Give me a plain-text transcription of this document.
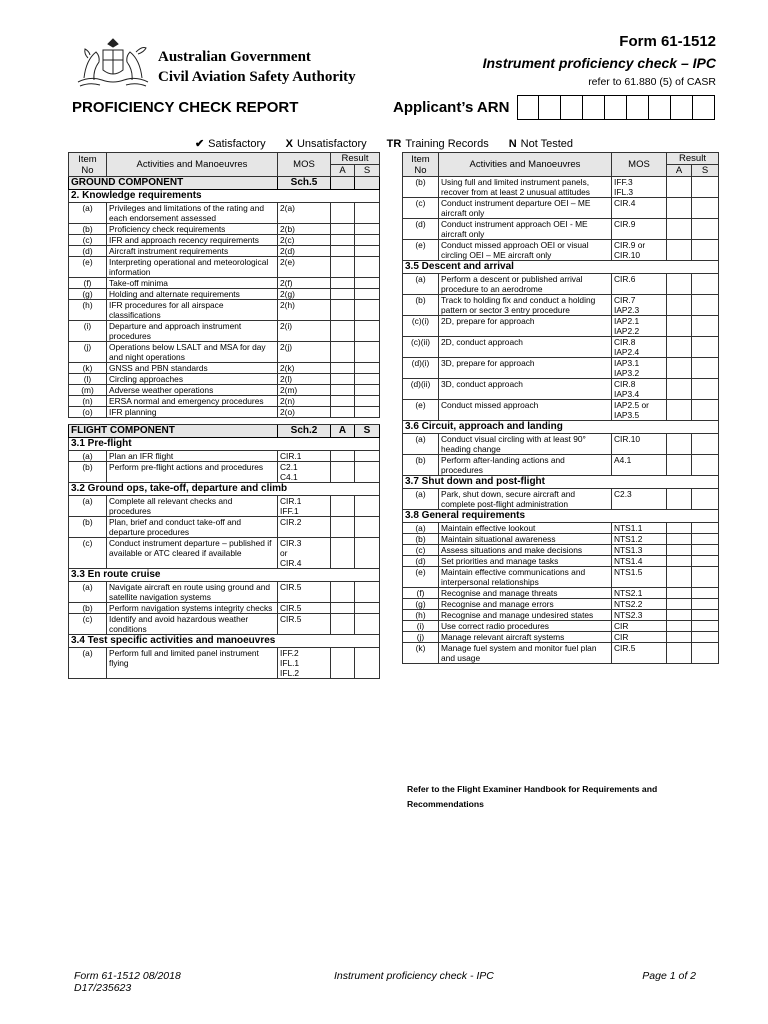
Australian Government
Civil Aviation Safety Authority
Form 61-1512
Instrument proficiency check – IPC
refer to 61.880 (5) of CASR
PROFICIENCY CHECK REPORT	Applicant’s ARN
✔ Satisfactory X Unsatisfactory TR Training Records N Not Tested
Item No	Activities and Manoeuvres	MOS	Result	
			A	S
GROUND COMPONENT		Sch.5		
2. Knowledge requirements				
(a)	Privileges and limitations of the rating and each endorsement assessed	2(a)		

(b)	Proficiency check requirements	2(b)		

(c)	IFR and approach recency requirements	2(c)		

(d)	Aircraft instrument requirements	2(d)		

(e)	Interpreting operational and meteorological information	2(e)		

(f)	Take-off minima	2(f)		

(g)	Holding and alternate requirements	2(g)		

(h)	IFR procedures for all airspace classifications	2(h)		

(i)	Departure and approach instrument procedures	2(i)		

(j)	Operations below LSALT and MSA for day and night operations	2(j)		

(k)	GNSS and PBN standards	2(k)		

(l)	Circling approaches	2(l)		

(m)	Adverse weather operations	2(m)		

(n)	ERSA normal and emergency procedures	2(n)		

(o)	IFR planning	2(o)		

FLIGHT COMPONENT		Sch.2	A	S
3.1 Pre-flight				
(a)	Plan an IFR flight	CIR.1		

(b)	Perform pre-flight actions and procedures	C2.1
C4.1		

3.2 Ground ops, take-off, departure and climb				
(a)	Complete all relevant checks and procedures	CIR.1
IFF.1		

(b)	Plan, brief and conduct take-off and departure procedures	CIR.2		

(c)	Conduct instrument departure – published if available or ATC cleared if available	CIR.3
or
CIR.4		

3.3 En route cruise				
(a)	Navigate aircraft en route using ground and satellite navigation systems	CIR.5		

(b)	Perform navigation systems integrity checks	CIR.5		

(c)	Identify and avoid hazardous weather conditions	CIR.5		

3.4 Test specific activities and manoeuvres				
(a)	Perform full and limited panel instrument flying	IFF.2
IFL.1
IFL.2		

Item No	Activities and Manoeuvres	MOS	Result	
			A	S
(b)	Using full and limited instrument panels, recover from at least 2 unusual attitudes	IFF.3
IFL.3		

(c)	Conduct instrument departure OEI – ME aircraft only	CIR.4		

(d)	Conduct instrument approach OEI - ME aircraft only	CIR.9		

(e)	Conduct missed approach OEI or visual circling OEI – ME aircraft only	CIR.9 or
CIR.10		

3.5 Descent and arrival				
(a)	Perform a descent or published arrival procedure to an aerodrome	CIR.6		

(b)	Track to holding fix and conduct a holding pattern or sector 3 entry procedure	CIR.7
IAP2.3		

(c)(i)	2D, prepare for approach	IAP2.1
IAP2.2		

(c)(ii)	2D, conduct approach	CIR.8
IAP2.4		

(d)(i)	3D, prepare for approach	IAP3.1
IAP3.2		

(d)(ii)	3D, conduct approach	CIR.8
IAP3.4		

(e)	Conduct missed approach	IAP2.5 or
IAP3.5		

3.6 Circuit, approach and landing				
(a)	Conduct visual circling with at least 90° heading change	CIR.10		

(b)	Perform after-landing actions and procedures	A4.1		

3.7 Shut down and post-flight				
(a)	Park, shut down, secure aircraft and complete post-flight administration	C2.3		

3.8 General requirements				
(a)	Maintain effective lookout	NTS1.1		

(b)	Maintain situational awareness	NTS1.2		

(c)	Assess situations and make decisions	NTS1.3		

(d)	Set priorities and manage tasks	NTS1.4		

(e)	Maintain effective communications and interpersonal relationships	NTS1.5		

(f)	Recognise and manage threats	NTS2.1		

(g)	Recognise and manage errors	NTS2.2		

(h)	Recognise and manage undesired states	NTS2.3		

(i)	Use correct radio procedures	CIR		

(j)	Manage relevant aircraft systems	CIR		

(k)	Manage fuel system and monitor fuel plan and usage	CIR.5		

Refer to the Flight Examiner Handbook for Requirements and Recommendations
Form 61-1512 08/2018
D17/235623
Instrument proficiency check - IPC	Page 1 of 2
